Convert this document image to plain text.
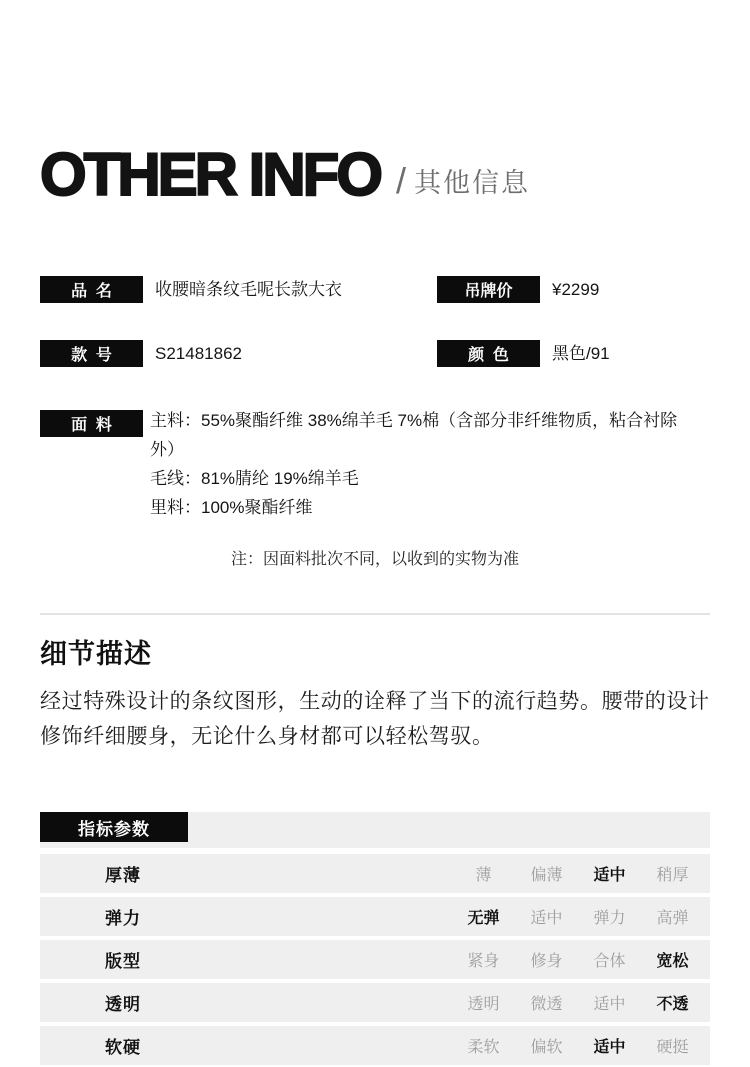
OTHER INFO / 其他信息
品名 收腰暗条纹毛呢长款大衣	吊牌价 ¥2299
款号 S21481862	颜色 黑色/91
面料 主料：55%聚酯纤维 38%绵羊毛 7%棉（含部分非纤维物质，粘合衬除
外）
毛线：81%腈纶 19%绵羊毛
里料：100%聚酯纤维
注：因面料批次不同，以收到的实物为准
细节描述
经过特殊设计的条纹图形，生动的诠释了当下的流行趋势。腰带的设计
修饰纤细腰身，无论什么身材都可以轻松驾驭。
指标参数
厚薄	薄	偏薄	适中	稍厚
弹力	无弹	适中	弹力	高弹
版型	紧身	修身	合体	宽松
透明	透明	微透	适中	不透
软硬	柔软	偏软	适中	硬挺
